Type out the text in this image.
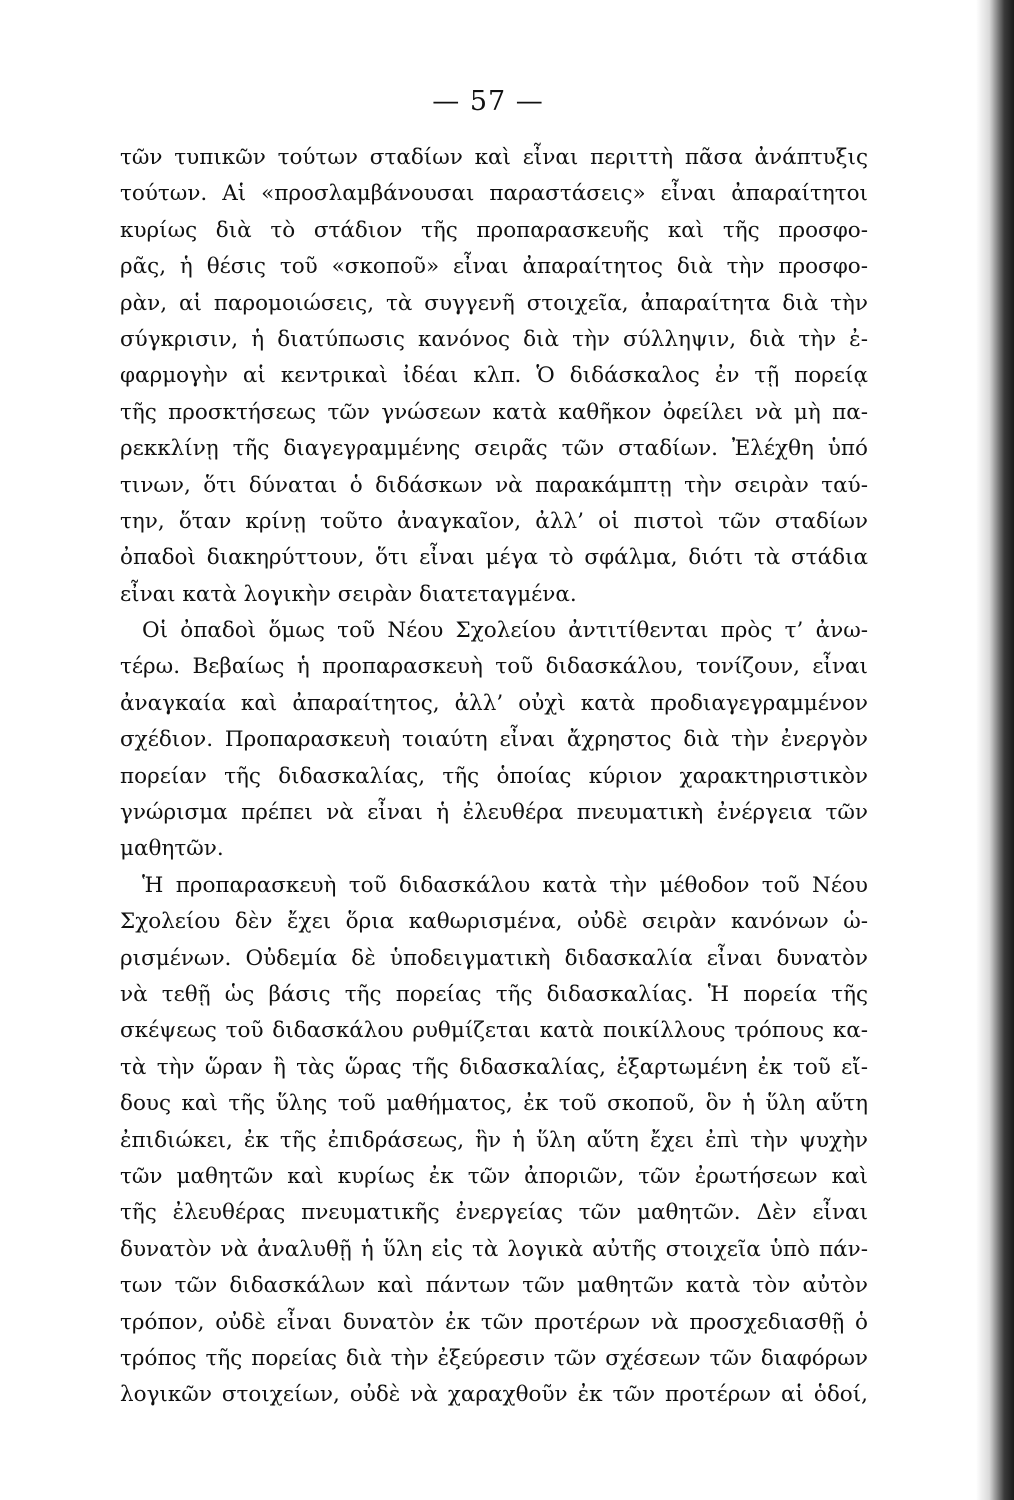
— 57 —
τῶν τυπικῶν τούτων σταδίων καὶ εἶναι περιττὴ πᾶσα ἀνάπτυξις
τούτων. Αἱ «προσλαμβάνουσαι παραστάσεις» εἶναι ἀπαραίτητοι
κυρίως διὰ τὸ στάδιον τῆς προπαρασκευῆς καὶ τῆς προσφο-
ρᾶς, ἡ θέσις τοῦ «σκοποῦ» εἶναι ἀπαραίτητος διὰ τὴν προσφο-
ρὰν, αἱ παρομοιώσεις, τὰ συγγενῆ στοιχεῖα, ἀπαραίτητα διὰ τὴν
σύγκρισιν, ἡ διατύπωσις κανόνος διὰ τὴν σύλληψιν, διὰ τὴν ἐ-
φαρμογὴν αἱ κεντρικαὶ ἰδέαι κλπ. Ὁ διδάσκαλος ἐν τῇ πορείᾳ
τῆς προσκτήσεως τῶν γνώσεων κατὰ καθῆκον ὀφείλει νὰ μὴ πα-
ρεκκλίνῃ τῆς διαγεγραμμένης σειρᾶς τῶν σταδίων. Ἐλέχθη ὑπό
τινων, ὅτι δύναται ὁ διδάσκων νὰ παρακάμπτῃ τὴν σειρὰν ταύ-
την, ὅταν κρίνῃ τοῦτο ἀναγκαῖον, ἀλλ’ οἱ πιστοὶ τῶν σταδίων
ὀπαδοὶ διακηρύττουν, ὅτι εἶναι μέγα τὸ σφάλμα, διότι τὰ στάδια
εἶναι κατὰ λογικὴν σειρὰν διατεταγμένα.
Οἱ ὀπαδοὶ ὅμως τοῦ Νέου Σχολείου ἀντιτίθενται πρὸς τ’ ἀνω-
τέρω. Βεβαίως ἡ προπαρασκευὴ τοῦ διδασκάλου, τονίζουν, εἶναι
ἀναγκαία καὶ ἀπαραίτητος, ἀλλ’ οὐχὶ κατὰ προδιαγεγραμμένον
σχέδιον. Προπαρασκευὴ τοιαύτη εἶναι ἄχρηστος διὰ τὴν ἐνεργὸν
πορείαν τῆς διδασκαλίας, τῆς ὁποίας κύριον χαρακτηριστικὸν
γνώρισμα πρέπει νὰ εἶναι ἡ ἐλευθέρα πνευματικὴ ἐνέργεια τῶν
μαθητῶν.
Ἡ προπαρασκευὴ τοῦ διδασκάλου κατὰ τὴν μέθοδον τοῦ Νέου
Σχολείου δὲν ἔχει ὅρια καθωρισμένα, οὐδὲ σειρὰν κανόνων ὡ-
ρισμένων. Οὐδεμία δὲ ὑποδειγματικὴ διδασκαλία εἶναι δυνατὸν
νὰ τεθῇ ὡς βάσις τῆς πορείας τῆς διδασκαλίας. Ἡ πορεία τῆς
σκέψεως τοῦ διδασκάλου ρυθμίζεται κατὰ ποικίλλους τρόπους κα-
τὰ τὴν ὥραν ἢ τὰς ὥρας τῆς διδασκαλίας, ἐξαρτωμένη ἐκ τοῦ εἴ-
δους καὶ τῆς ὕλης τοῦ μαθήματος, ἐκ τοῦ σκοποῦ, ὃν ἡ ὕλη αὕτη
ἐπιδιώκει, ἐκ τῆς ἐπιδράσεως, ἣν ἡ ὕλη αὕτη ἔχει ἐπὶ τὴν ψυχὴν
τῶν μαθητῶν καὶ κυρίως ἐκ τῶν ἀποριῶν, τῶν ἐρωτήσεων καὶ
τῆς ἐλευθέρας πνευματικῆς ἐνεργείας τῶν μαθητῶν. Δὲν εἶναι
δυνατὸν νὰ ἀναλυθῇ ἡ ὕλη εἰς τὰ λογικὰ αὐτῆς στοιχεῖα ὑπὸ πάν-
των τῶν διδασκάλων καὶ πάντων τῶν μαθητῶν κατὰ τὸν αὐτὸν
τρόπον, οὐδὲ εἶναι δυνατὸν ἐκ τῶν προτέρων νὰ προσχεδιασθῇ ὁ
τρόπος τῆς πορείας διὰ τὴν ἐξεύρεσιν τῶν σχέσεων τῶν διαφόρων
λογικῶν στοιχείων, οὐδὲ νὰ χαραχθοῦν ἐκ τῶν προτέρων αἱ ὁδοί,
